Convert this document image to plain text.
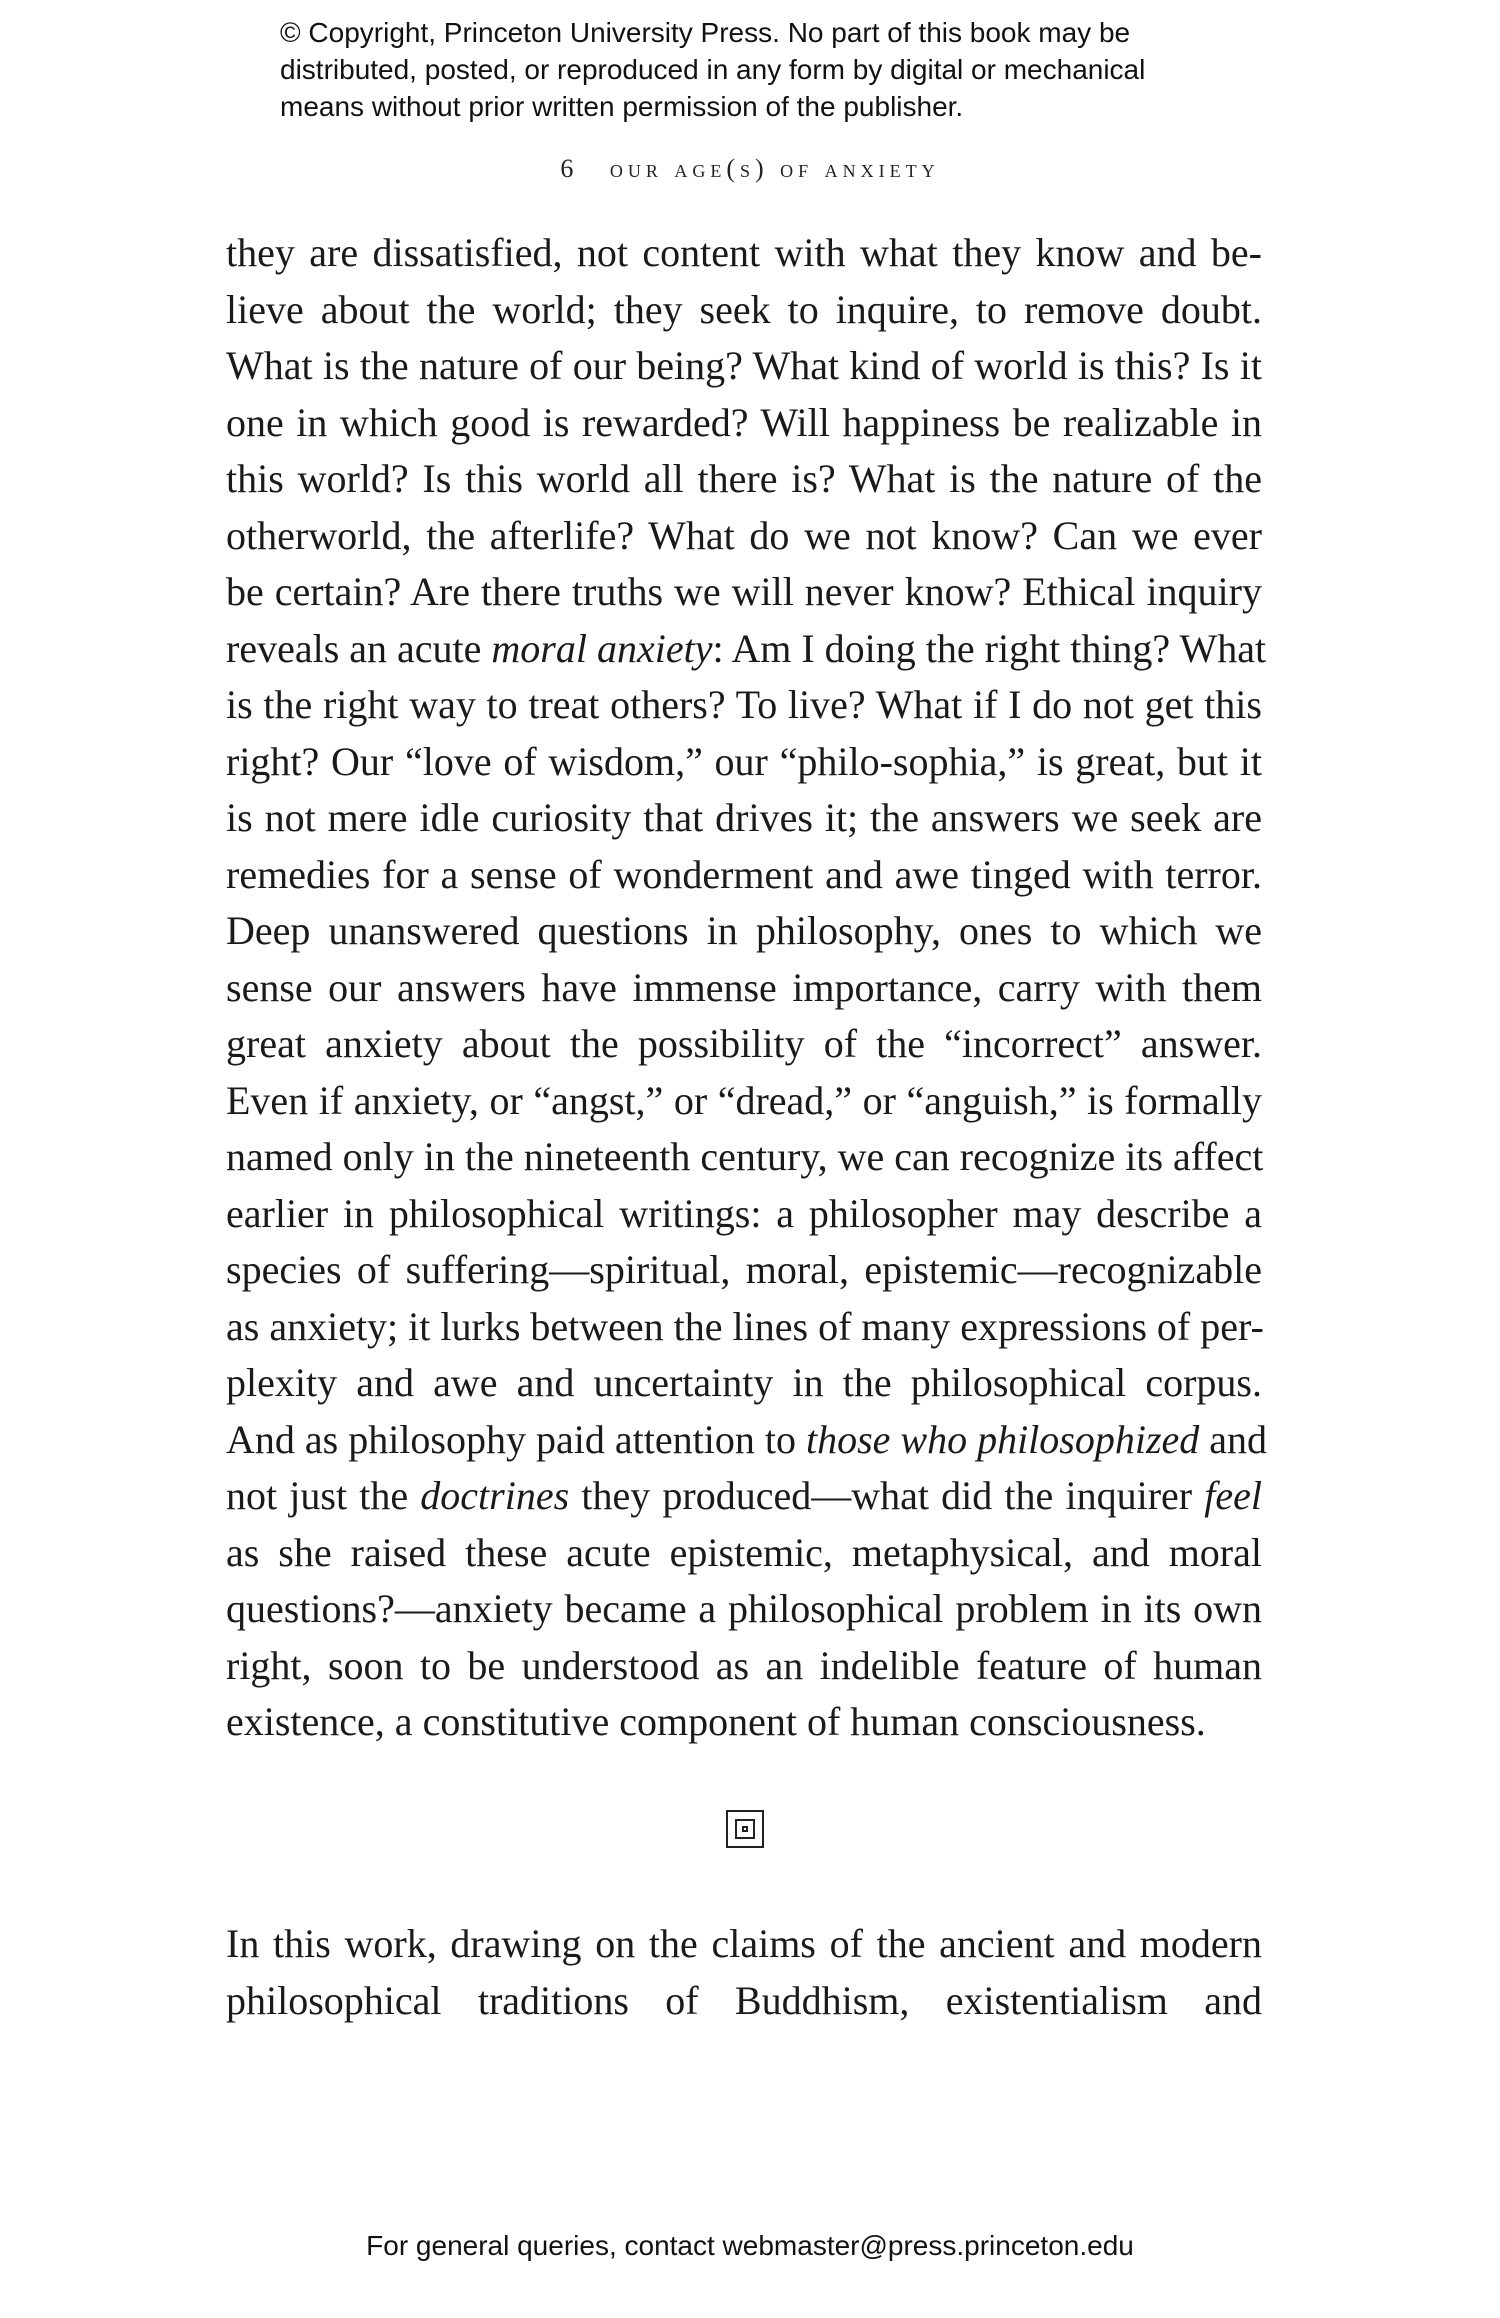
© Copyright, Princeton University Press. No part of this book may be
distributed, posted, or reproduced in any form by digital or mechanical
means without prior written permission of the publisher.
6 our age(s) of anxiety
they are dissatisfied, not content with what they know and be-
lieve about the world; they seek to inquire, to remove doubt.
What is the nature of our being? What kind of world is this? Is it
one in which good is rewarded? Will happiness be realizable in
this world? Is this world all there is? What is the nature of the
otherworld, the afterlife? What do we not know? Can we ever
be certain? Are there truths we will never know? Ethical inquiry
reveals an acute moral anxiety: Am I doing the right thing? What
is the right way to treat others? To live? What if I do not get this
right? Our “love of wisdom,” our “philo-sophia,” is great, but it
is not mere idle curiosity that drives it; the answers we seek are
remedies for a sense of wonderment and awe tinged with terror.
Deep unanswered questions in philosophy, ones to which we
sense our answers have immense importance, carry with them
great anxiety about the possibility of the “incorrect” answer.
Even if anxiety, or “angst,” or “dread,” or “anguish,” is formally
named only in the nineteenth century, we can recognize its affect
earlier in philosophical writings: a philosopher may describe a
species of suffering—spiritual, moral, epistemic—recognizable
as anxiety; it lurks between the lines of many expressions of per-
plexity and awe and uncertainty in the philosophical corpus.
And as philosophy paid attention to those who philosophized and
not just the doctrines they produced—what did the inquirer feel
as she raised these acute epistemic, metaphysical, and moral
questions?—anxiety became a philosophical problem in its own
right, soon to be understood as an indelible feature of human
existence, a constitutive component of human consciousness.
In this work, drawing on the claims of the ancient and modern
philosophical traditions of Buddhism, existentialism and
For general queries, contact webmaster@press.princeton.edu
